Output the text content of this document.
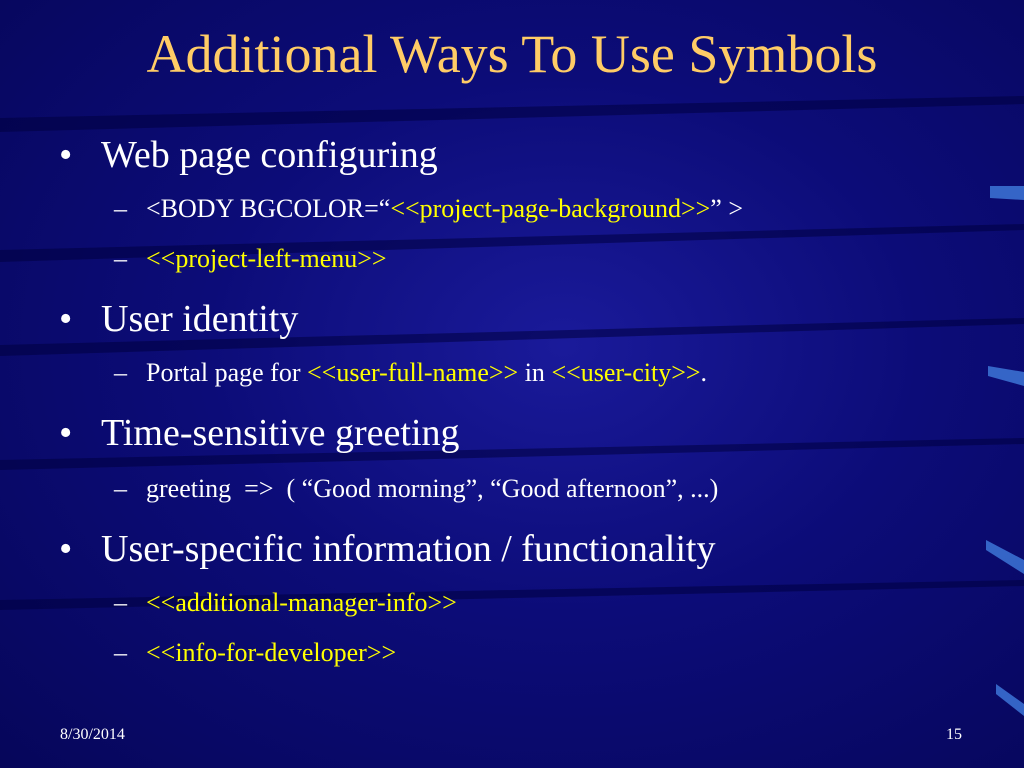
Additional Ways To Use Symbols
• Web page configuring
– <BODY BGCOLOR=“<<project-page-background>>” >
– <<project-left-menu>>
• User identity
– Portal page for <<user-full-name>> in <<user-city>>.
• Time-sensitive greeting
– greeting  =>  ( “Good morning”, “Good afternoon”, ...)
• User-specific information / functionality
– <<additional-manager-info>>
– <<info-for-developer>>
8/30/2014	15
